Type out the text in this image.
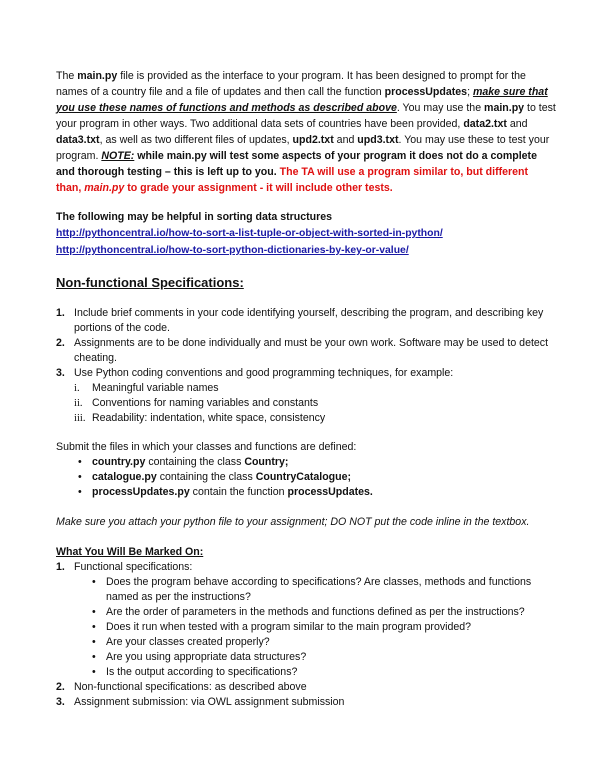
The main.py file is provided as the interface to your program. It has been designed to prompt for the names of a country file and a file of updates and then call the function processUpdates; make sure that you use these names of functions and methods as described above. You may use the main.py to test your program in other ways. Two additional data sets of countries have been provided, data2.txt and data3.txt, as well as two different files of updates, upd2.txt and upd3.txt. You may use these to test your program. NOTE: while main.py will test some aspects of your program it does not do a complete and thorough testing – this is left up to you. The TA will use a program similar to, but different than, main.py to grade your assignment - it will include other tests.

The following may be helpful in sorting data structures

http://pythoncentral.io/how-to-sort-a-list-tuple-or-object-with-sorted-in-python/
http://pythoncentral.io/how-to-sort-python-dictionaries-by-key-or-value/
Non-functional Specifications:
1. Include brief comments in your code identifying yourself, describing the program, and describing key portions of the code.
2. Assignments are to be done individually and must be your own work. Software may be used to detect cheating.
3. Use Python coding conventions and good programming techniques, for example:
i.	Meaningful variable names
ii. Conventions for naming variables and constants
iii. Readability: indentation, white space, consistency
Submit the files in which your classes and functions are defined:
• country.py containing the class Country;
• catalogue.py containing the class CountryCatalogue;
• processUpdates.py contain the function processUpdates.
Make sure you attach your python file to your assignment; DO NOT put the code inline in the textbox.
What You Will Be Marked On:
1. Functional specifications:
• Does the program behave according to specifications? Are classes, methods and functions named as per the instructions?
• Are the order of parameters in the methods and functions defined as per the instructions?
• Does it run when tested with a program similar to the main program provided?
• Are your classes created properly?
• Are you using appropriate data structures?
• Is the output according to specifications?
2. Non-functional specifications: as described above
3. Assignment submission: via OWL assignment submission
